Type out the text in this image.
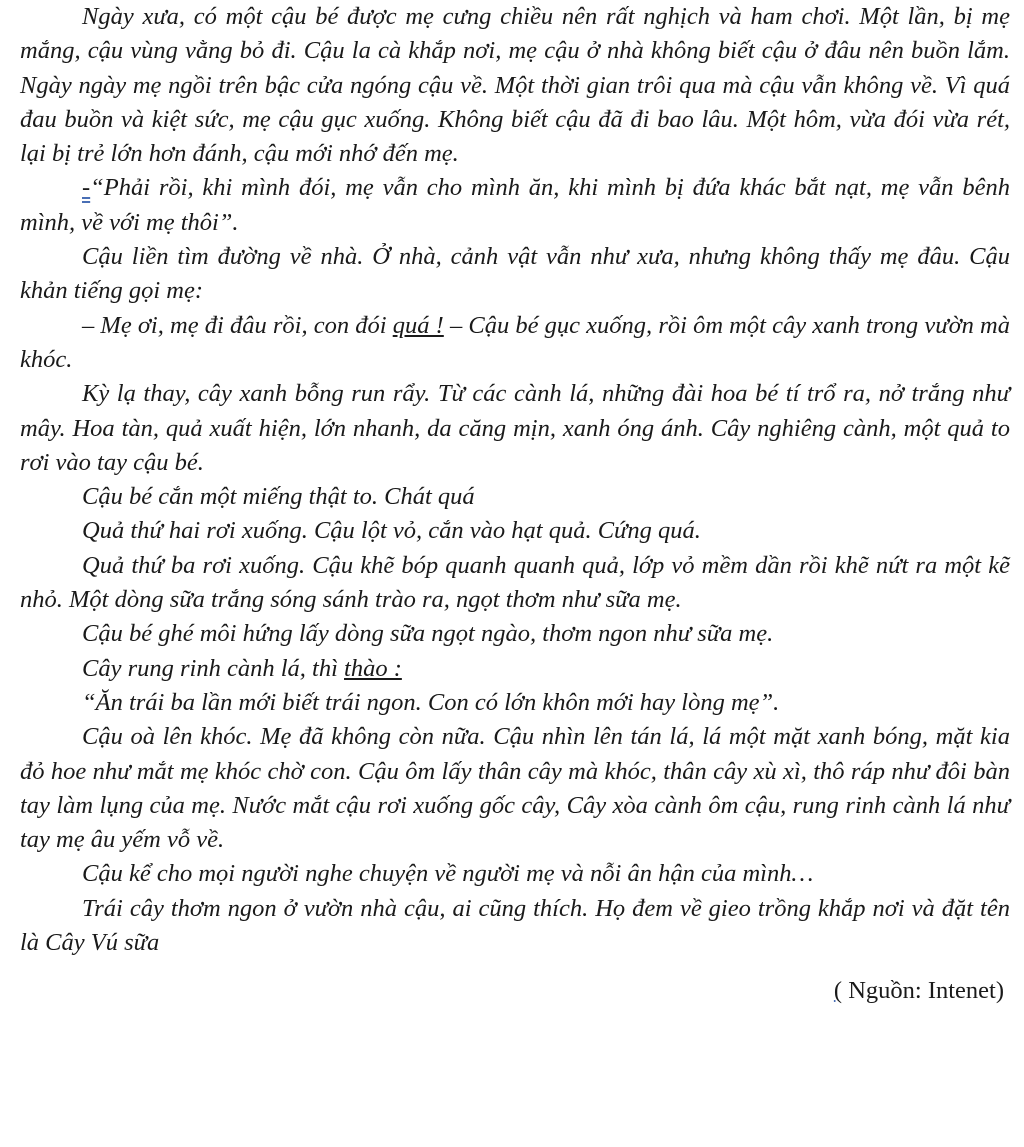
Ngày xưa, có một cậu bé được mẹ cưng chiều nên rất nghịch và ham chơi. Một lần, bị mẹ mắng, cậu vùng vằng bỏ đi. Cậu la cà khắp nơi, mẹ cậu ở nhà không biết cậu ở đâu nên buồn lắm. Ngày ngày mẹ ngồi trên bậc cửa ngóng cậu về. Một thời gian trôi qua mà cậu vẫn không về. Vì quá đau buồn và kiệt sức, mẹ cậu gục xuống. Không biết cậu đã đi bao lâu. Một hôm, vừa đói vừa rét, lại bị trẻ lớn hơn đánh, cậu mới nhớ đến mẹ.

-“Phải rồi, khi mình đói, mẹ vẫn cho mình ăn, khi mình bị đứa khác bắt nạt, mẹ vẫn bênh mình, về với mẹ thôi”.

Cậu liền tìm đường về nhà. Ở nhà, cảnh vật vẫn như xưa, nhưng không thấy mẹ đâu. Cậu khản tiếng gọi mẹ:

– Mẹ ơi, mẹ đi đâu rồi, con đói quá ! – Cậu bé gục xuống, rồi ôm một cây xanh trong vườn mà khóc.

Kỳ lạ thay, cây xanh bỗng run rẩy. Từ các cành lá, những đài hoa bé tí trổ ra, nở trắng như mây. Hoa tàn, quả xuất hiện, lớn nhanh, da căng mịn, xanh óng ánh. Cây nghiêng cành, một quả to rơi vào tay cậu bé.

Cậu bé cắn một miếng thật to. Chát quá

Quả thứ hai rơi xuống. Cậu lột vỏ, cắn vào hạt quả. Cứng quá.

Quả thứ ba rơi xuống. Cậu khẽ bóp quanh quanh quả, lớp vỏ mềm dần rồi khẽ nứt ra một kẽ nhỏ. Một dòng sữa trắng sóng sánh trào ra, ngọt thơm như sữa mẹ.

Cậu bé ghé môi hứng lấy dòng sữa ngọt ngào, thơm ngon như sữa mẹ.

Cây rung rinh cành lá, thì thào :

“Ăn trái ba lần mới biết trái ngon. Con có lớn khôn mới hay lòng mẹ”.

Cậu oà lên khóc. Mẹ đã không còn nữa. Cậu nhìn lên tán lá, lá một mặt xanh bóng, mặt kia đỏ hoe như mắt mẹ khóc chờ con. Cậu ôm lấy thân cây mà khóc, thân cây xù xì, thô ráp như đôi bàn tay làm lụng của mẹ. Nước mắt cậu rơi xuống gốc cây, Cây xòa cành ôm cậu, rung rinh cành lá như tay mẹ âu yếm vỗ về.

Cậu kể cho mọi người nghe chuyện về người mẹ và nỗi ân hận của mình…

Trái cây thơm ngon ở vườn nhà cậu, ai cũng thích. Họ đem về gieo trồng khắp nơi và đặt tên là Cây Vú sữa

( Nguồn: Intenet)
